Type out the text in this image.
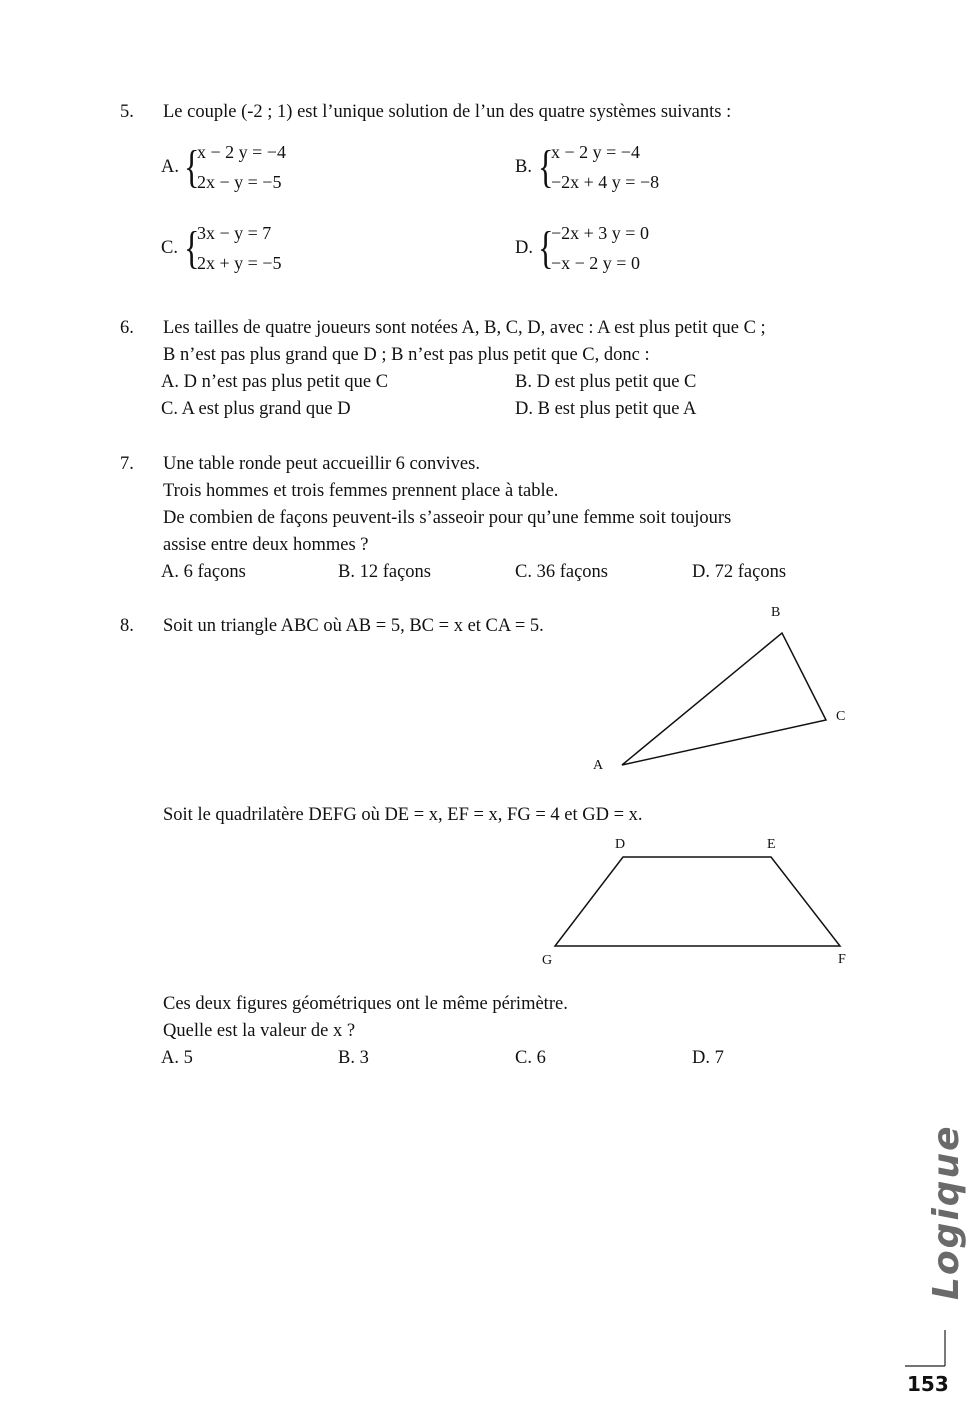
5. Le couple (-2 ; 1) est l’unique solution de l’un des quatre systèmes suivants :
A. {
x − 2 y = −4
2x − y = −5
B. {
x − 2 y = −4
−2x + 4 y = −8
C. {
3x − y = 7
2x + y = −5
D. {
−2x + 3 y = 0
−x − 2 y = 0
6. Les tailles de quatre joueurs sont notées A, B, C, D, avec : A est plus petit que C ;
B n’est pas plus grand que D ; B n’est pas plus petit que C, donc :
A. D n’est pas plus petit que C	B. D est plus petit que C
C. A est plus grand que D	D. B est plus petit que A
7. Une table ronde peut accueillir 6 convives.
Trois hommes et trois femmes prennent place à table.
De combien de façons peuvent-ils s’asseoir pour qu’une femme soit toujours
assise entre deux hommes ?
A. 6 façons	B. 12 façons	C. 36 façons	D. 72 façons
8. Soit un triangle ABC où AB = 5, BC = x et CA = 5.
B
C
A
Soit le quadrilatère DEFG où DE = x, EF = x, FG = 4 et GD = x.
D	E
F
G
Ces deux figures géométriques ont le même périmètre.
Quelle est la valeur de x ?
A. 5	B. 3	C. 6	D. 7
Logique
153
